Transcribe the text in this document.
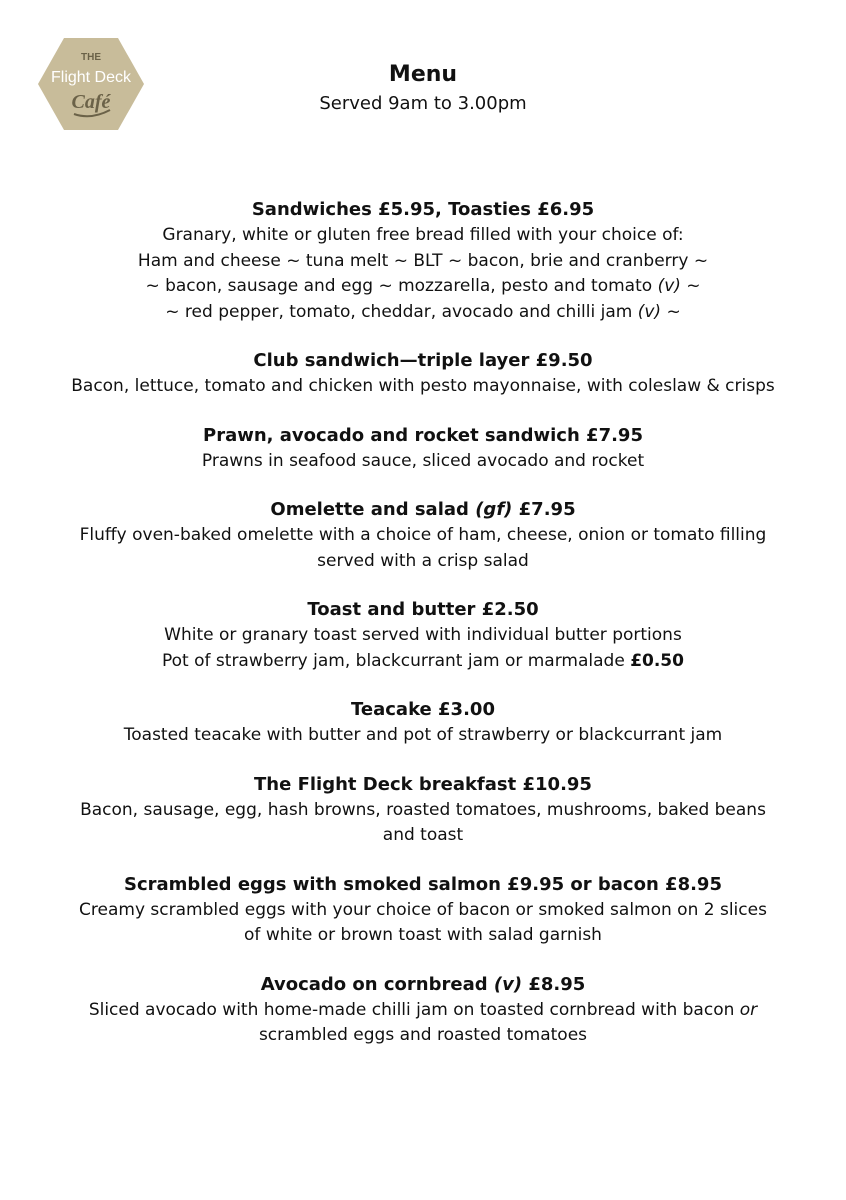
THE
Flight Deck
Café
Menu
Served 9am to 3.00pm
Sandwiches £5.95, Toasties £6.95
Granary, white or gluten free bread filled with your choice of:
Ham and cheese ~ tuna melt ~ BLT ~ bacon, brie and cranberry ~
~ bacon, sausage and egg ~ mozzarella, pesto and tomato (v) ~
~ red pepper, tomato, cheddar, avocado and chilli jam (v) ~
Club sandwich—triple layer £9.50
Bacon, lettuce, tomato and chicken with pesto mayonnaise, with coleslaw & crisps
Prawn, avocado and rocket sandwich £7.95
Prawns in seafood sauce, sliced avocado and rocket
Omelette and salad (gf) £7.95
Fluffy oven-baked omelette with a choice of ham, cheese, onion or tomato filling
served with a crisp salad
Toast and butter £2.50
White or granary toast served with individual butter portions
Pot of strawberry jam, blackcurrant jam or marmalade £0.50
Teacake £3.00
Toasted teacake with butter and pot of strawberry or blackcurrant jam
The Flight Deck breakfast £10.95
Bacon, sausage, egg, hash browns, roasted tomatoes, mushrooms, baked beans
and toast
Scrambled eggs with smoked salmon £9.95 or bacon £8.95
Creamy scrambled eggs with your choice of bacon or smoked salmon on 2 slices
of white or brown toast with salad garnish
Avocado on cornbread (v) £8.95
Sliced avocado with home-made chilli jam on toasted cornbread with bacon or
scrambled eggs and roasted tomatoes
